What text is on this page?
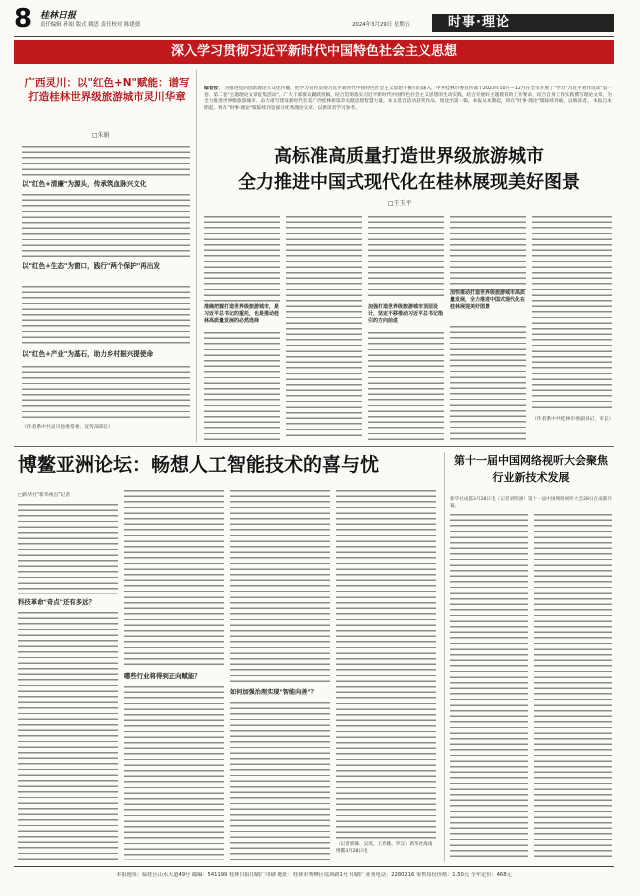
8 桂林日报
责任编辑 孙娟 版式 姚思 责任校对 陈建德	2024年3月29日 星期五	时事·理论
深入学习贯彻习近平新时代中国特色社会主义思想
广西灵川：以"红色+N"赋能：谱写打造桂林世界级旅游城市灵川华章
□朱娟
以"红色+清廉"为源头，传承筑血脉兴文化
以"红色+生态"为窗口，践行"两个保护"再出发
以"红色+产业"为基石，助力乡村振兴提使命
（作者系中共灵川县委常委、宣传部部长）
编者按： 为推进党的创新理论大众化传播，把学习宣传贯彻习近平新时代中国特色社会主义思想不断引向深入，中共桂林市委宣传部于2023年10月—12月在全市开展了"学习"习近平著作选读"第一卷、第二卷"主题理论文章征集活动"。广大干部群众踊跃投稿，结合贯彻落实习近平新时代中国特色社会主义思想的生动实践，结合开展好主题教育的工作要求，结合自身工作实践撰写理论文章，为全力推进世界级旅游城市、奋力谱写建设新时代壮美广西桂林新篇章贡献思想智慧力量。本文选自活动获奖作品，现登出第一辑，本报从本期起，将在"时事·理论"版陆续刊载，以飨读者。 本报自本期起，将在"时事·理论"版陆续刊登部分优秀理论文章，以供读者学习参考。
高标准高质量打造世界级旅游城市
全力推进中国式现代化在桂林展现美好图景
□王玉平
准确把握打造世界级旅游城市，是习近平总书记的重托，也是推动桂林高质量发展的必然选择
加强打造世界级旅游城市顶层设计，坚定不移推动习近平总书记指引的方向前进
加快推动打造世界级旅游城市高质量发展，全力推进中国式现代化在桂林展现美好图景
（作者系中共桂林市委副书记、市长）
博鳌亚洲论坛：畅想人工智能技术的喜与忧
□新华社"新华视点"记者
科技革命"奇点"还有多远？
哪些行业将得到正向赋能？
如何加强治理实现"智能向善"？
（记者郭静、吴茂、王乔嬿、罗汉）新华社海南博鳌3月28日电
第十一届中国网络视听大会聚焦行业新技术发展
新华社成都3月28日电（记者刘明涵）第十一届中国网络视听大会28日在成都开幕。
本报地址：临桂区山水大道49号 邮编：541199 桂林日报印刷厂印刷 地址：桂林市秀峰区瑶坝路1号 印刷厂业务电话：2280216 零售每份价格：1.50元 全年定价：468元
